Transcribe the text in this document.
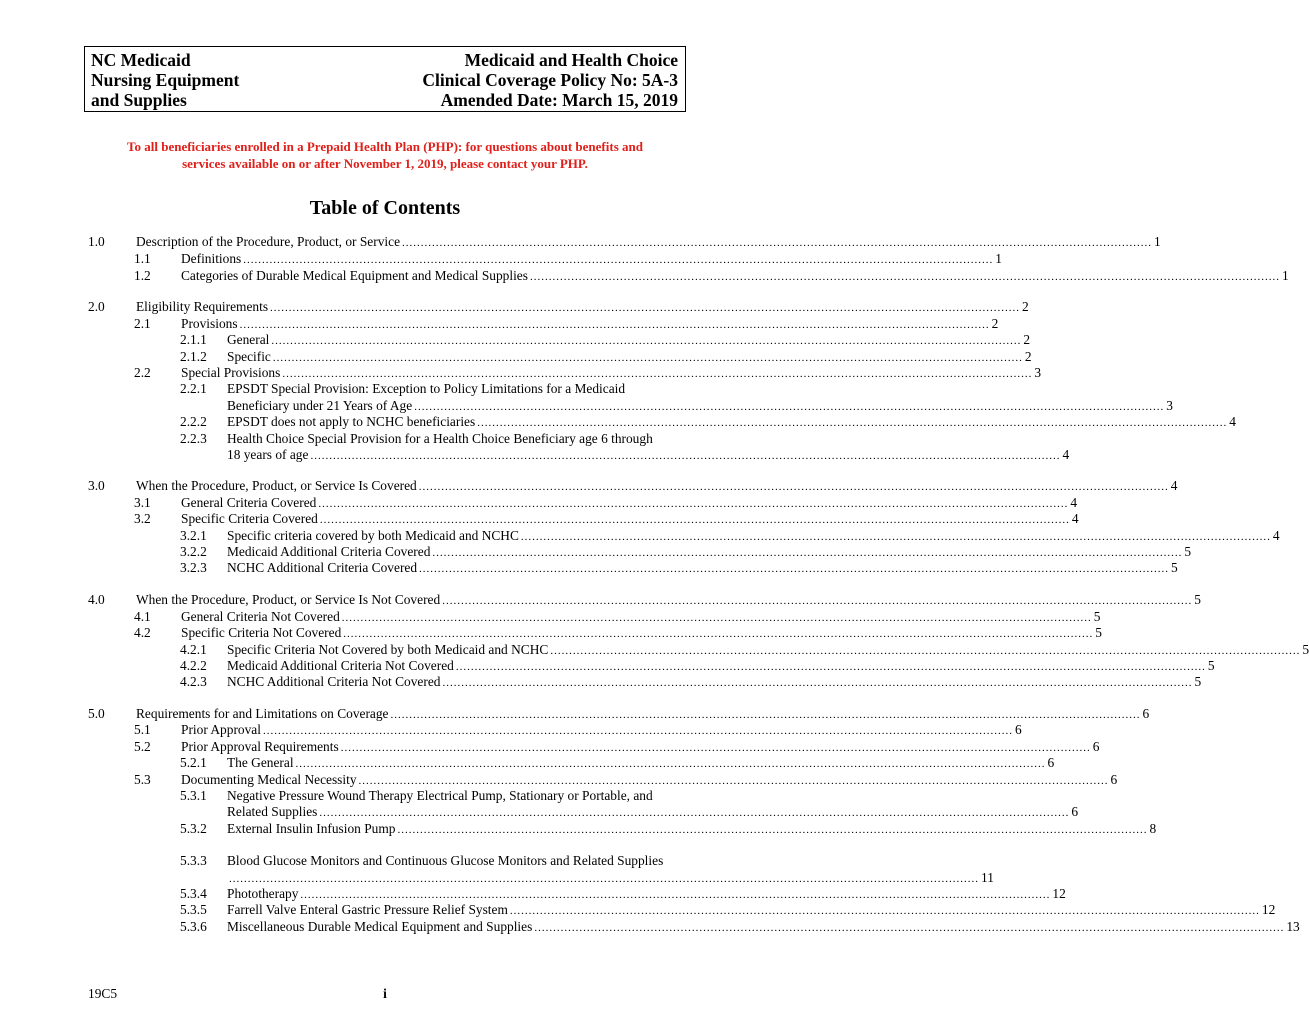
NC Medicaid
Nursing Equipment
and Supplies
Medicaid and Health Choice
Clinical Coverage Policy No: 5A-3
Amended Date: March 15, 2019
To all beneficiaries enrolled in a Prepaid Health Plan (PHP): for questions about benefits and
services available on or after November 1, 2019, please contact your PHP.
Table of Contents
1.0 Description of the Procedure, Product, or Service ........................................................................................................................................................................................................ 1
1.1 Definitions ........................................................................................................................................................................................................ 1
1.2 Categories of Durable Medical Equipment and Medical Supplies ........................................................................................................................................................................................................ 1
2.0 Eligibility Requirements ........................................................................................................................................................................................................ 2
2.1 Provisions ........................................................................................................................................................................................................ 2
2.1.1 General ........................................................................................................................................................................................................ 2
2.1.2 Specific ........................................................................................................................................................................................................ 2
2.2 Special Provisions ........................................................................................................................................................................................................ 3
2.2.1 EPSDT Special Provision: Exception to Policy Limitations for a Medicaid
Beneficiary under 21 Years of Age ........................................................................................................................................................................................................ 3
2.2.2 EPSDT does not apply to NCHC beneficiaries ........................................................................................................................................................................................................ 4
2.2.3 Health Choice Special Provision for a Health Choice Beneficiary age 6 through
18 years of age ........................................................................................................................................................................................................ 4
3.0 When the Procedure, Product, or Service Is Covered ........................................................................................................................................................................................................ 4
3.1 General Criteria Covered ........................................................................................................................................................................................................ 4
3.2 Specific Criteria Covered ........................................................................................................................................................................................................ 4
3.2.1 Specific criteria covered by both Medicaid and NCHC ........................................................................................................................................................................................................ 4
3.2.2 Medicaid Additional Criteria Covered ........................................................................................................................................................................................................ 5
3.2.3 NCHC Additional Criteria Covered ........................................................................................................................................................................................................ 5
4.0 When the Procedure, Product, or Service Is Not Covered ........................................................................................................................................................................................................ 5
4.1 General Criteria Not Covered ........................................................................................................................................................................................................ 5
4.2 Specific Criteria Not Covered ........................................................................................................................................................................................................ 5
4.2.1 Specific Criteria Not Covered by both Medicaid and NCHC ........................................................................................................................................................................................................ 5
4.2.2 Medicaid Additional Criteria Not Covered ........................................................................................................................................................................................................ 5
4.2.3 NCHC Additional Criteria Not Covered ........................................................................................................................................................................................................ 5
5.0 Requirements for and Limitations on Coverage ........................................................................................................................................................................................................ 6
5.1 Prior Approval ........................................................................................................................................................................................................ 6
5.2 Prior Approval Requirements ........................................................................................................................................................................................................ 6
5.2.1 The General ........................................................................................................................................................................................................ 6
5.3 Documenting Medical Necessity ........................................................................................................................................................................................................ 6
5.3.1 Negative Pressure Wound Therapy Electrical Pump, Stationary or Portable, and
Related Supplies ........................................................................................................................................................................................................ 6
5.3.2 External Insulin Infusion Pump ........................................................................................................................................................................................................ 8
5.3.3 Blood Glucose Monitors and Continuous Glucose Monitors and Related Supplies
........................................................................................................................................................................................................ 11
5.3.4 Phototherapy ........................................................................................................................................................................................................ 12
5.3.5 Farrell Valve Enteral Gastric Pressure Relief System ........................................................................................................................................................................................................ 12
5.3.6 Miscellaneous Durable Medical Equipment and Supplies ........................................................................................................................................................................................................ 13
19C5	i
